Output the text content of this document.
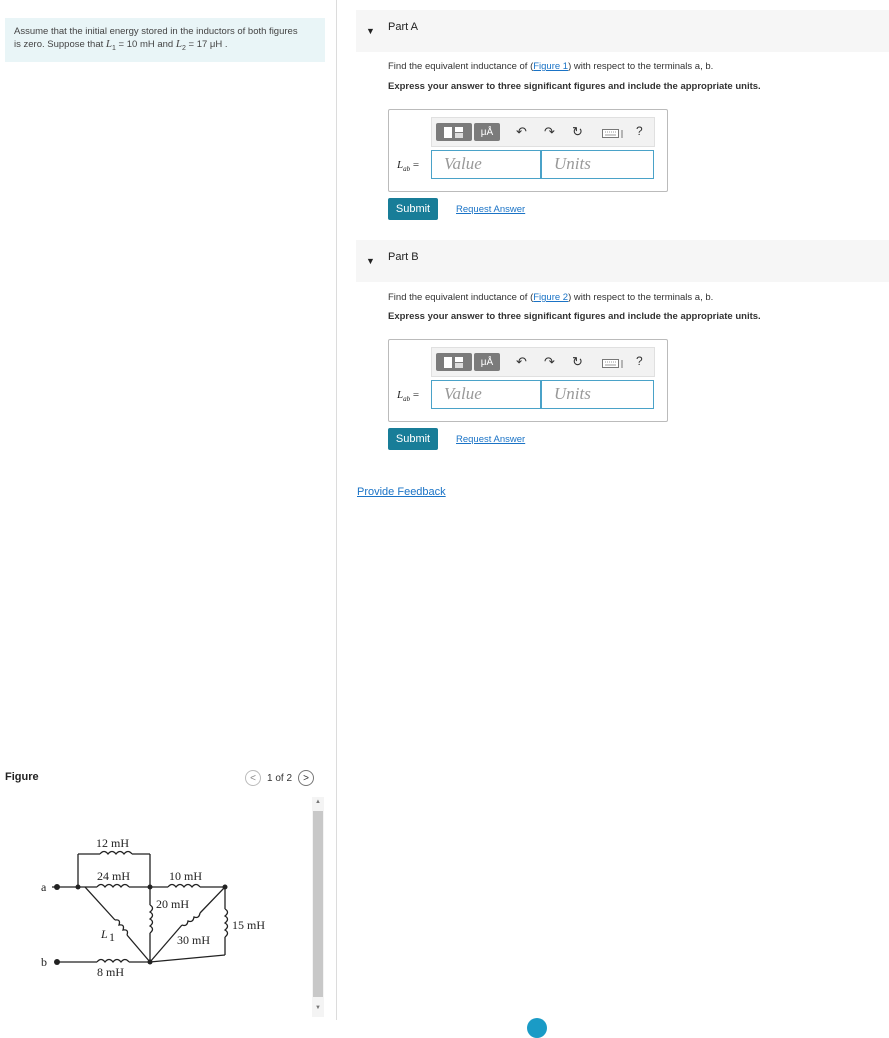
Assume that the initial energy stored in the inductors of both figures
is zero. Suppose that $L_1 = 10$ mH and $L_2 = 17$ μH .
Figure	<	1 of 2	>
12 mH
24 mH	10 mH
20 mH
15 mH
30 mH
8 mH
L 1
a
b
▲
▼
▼ Part A
Find the equivalent inductance of (Figure 1) with respect to the terminals a, b.
Express your answer to three significant figures and include the appropriate units.
μÅ	↶ ↷ ↻	?
$L_{ab}$ =	Value	Units
Submit	Request Answer
▼ Part B
Find the equivalent inductance of (Figure 2) with respect to the terminals a, b.
Express your answer to three significant figures and include the appropriate units.
μÅ	↶ ↷ ↻	?
$L_{ab}$ =	Value	Units
Submit	Request Answer
Provide Feedback
